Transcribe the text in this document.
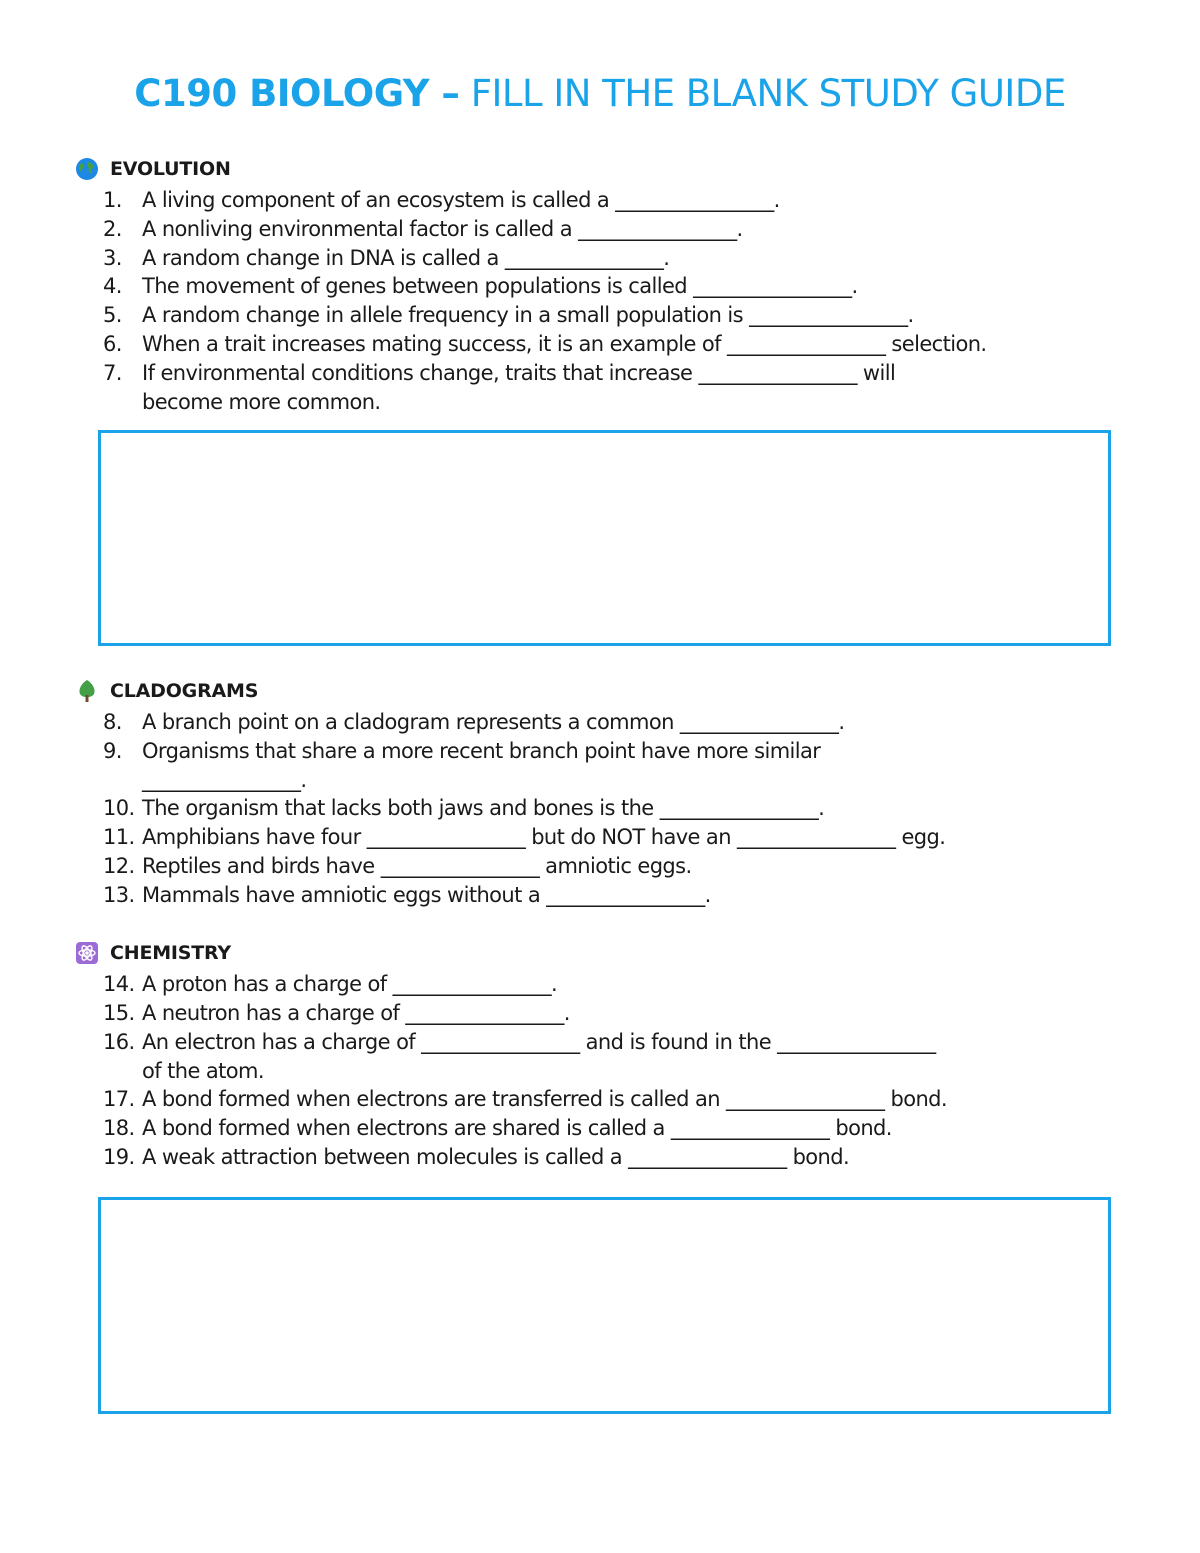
C190 BIOLOGY – FILL IN THE BLANK STUDY GUIDE
EVOLUTION
1. A living component of an ecosystem is called a ________________.
2. A nonliving environmental factor is called a ________________.
3. A random change in DNA is called a ________________.
4. The movement of genes between populations is called ________________.
5. A random change in allele frequency in a small population is ________________.
6. When a trait increases mating success, it is an example of ________________ selection.
7. If environmental conditions change, traits that increase ________________ will
become more common.
CLADOGRAMS
8. A branch point on a cladogram represents a common ________________.
9. Organisms that share a more recent branch point have more similar
________________.
10. The organism that lacks both jaws and bones is the ________________.
11. Amphibians have four ________________ but do NOT have an ________________ egg.
12. Reptiles and birds have ________________ amniotic eggs.
13. Mammals have amniotic eggs without a ________________.
CHEMISTRY
14. A proton has a charge of ________________.
15. A neutron has a charge of ________________.
16. An electron has a charge of ________________ and is found in the ________________
of the atom.
17. A bond formed when electrons are transferred is called an ________________ bond.
18. A bond formed when electrons are shared is called a ________________ bond.
19. A weak attraction between molecules is called a ________________ bond.
